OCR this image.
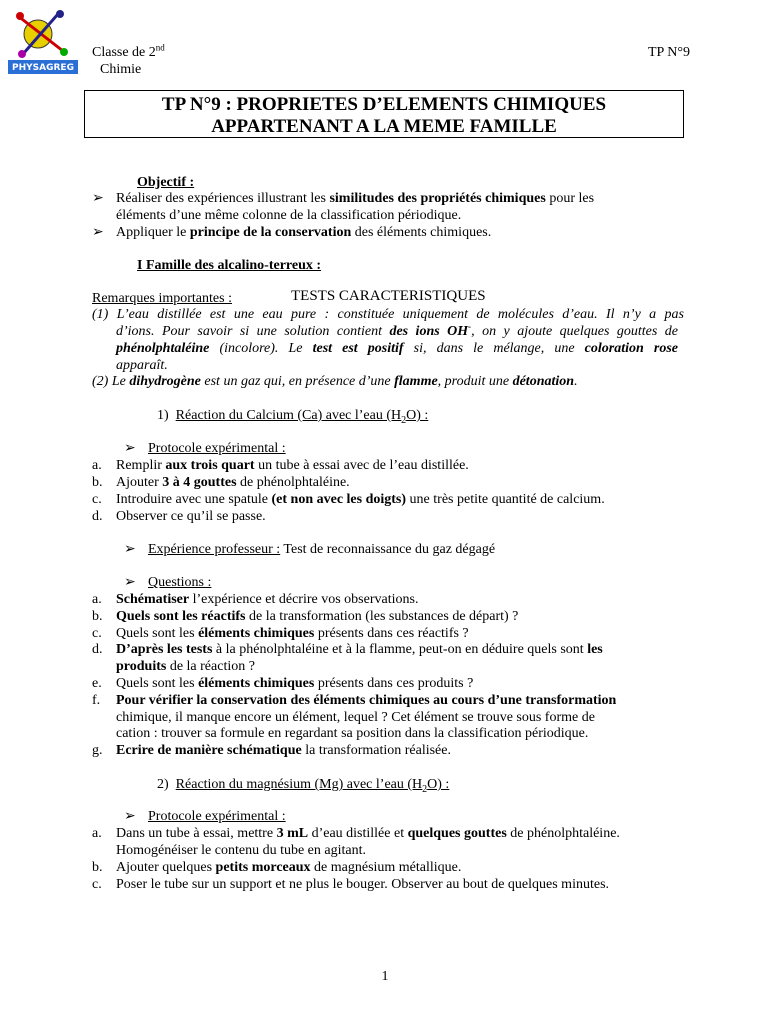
PHYSAGREG
Classe de 2nd
Chimie
TP N°9
TP N°9 : PROPRIETES D’ELEMENTS CHIMIQUES
APPARTENANT A LA MEME FAMILLE
Objectif :
➢ Réaliser des expériences illustrant les similitudes des propriétés chimiques pour les
éléments d’une même colonne de la classification périodique.
➢ Appliquer le principe de la conservation des éléments chimiques.
I Famille des alcalino-terreux :
Remarques importantes :	TESTS CARACTERISTIQUES
(1) L’eau distillée est une eau pure : constituée uniquement de molécules d’eau. Il n’y a pas
d’ions. Pour savoir si une solution contient des ions OH-, on y ajoute quelques gouttes de
phénolphtaléine (incolore). Le test est positif si, dans le mélange, une coloration rose
apparaît.
(2) Le dihydrogène est un gaz qui, en présence d’une flamme, produit une détonation.
1) Réaction du Calcium (Ca) avec l’eau $(H_2O)$ :
➢ Protocole expérimental :
a.	Remplir aux trois quart un tube à essai avec de l’eau distillée.
b. Ajouter 3 à 4 gouttes de phénolphtaléine.
c.	Introduire avec une spatule (et non avec les doigts) une très petite quantité de calcium.
d. Observer ce qu’il se passe.
➢ Expérience professeur : Test de reconnaissance du gaz dégagé
➢ Questions :
a.	Schématiser l’expérience et décrire vos observations.
b. Quels sont les réactifs de la transformation (les substances de départ) ?
c.	Quels sont les éléments chimiques présents dans ces réactifs ?
d. D’après les tests à la phénolphtaléine et à la flamme, peut-on en déduire quels sont les
produits de la réaction ?
e.	Quels sont les éléments chimiques présents dans ces produits ?
f.	Pour vérifier la conservation des éléments chimiques au cours d’une transformation
chimique, il manque encore un élément, lequel ? Cet élément se trouve sous forme de
cation : trouver sa formule en regardant sa position dans la classification périodique.
g. Ecrire de manière schématique la transformation réalisée.
2) Réaction du magnésium (Mg) avec l’eau $(H_2O)$ :
➢ Protocole expérimental :
a.	Dans un tube à essai, mettre 3 mL d’eau distillée et quelques gouttes de phénolphtaléine.
Homogénéiser le contenu du tube en agitant.
b. Ajouter quelques petits morceaux de magnésium métallique.
c.	Poser le tube sur un support et ne plus le bouger. Observer au bout de quelques minutes.
1
